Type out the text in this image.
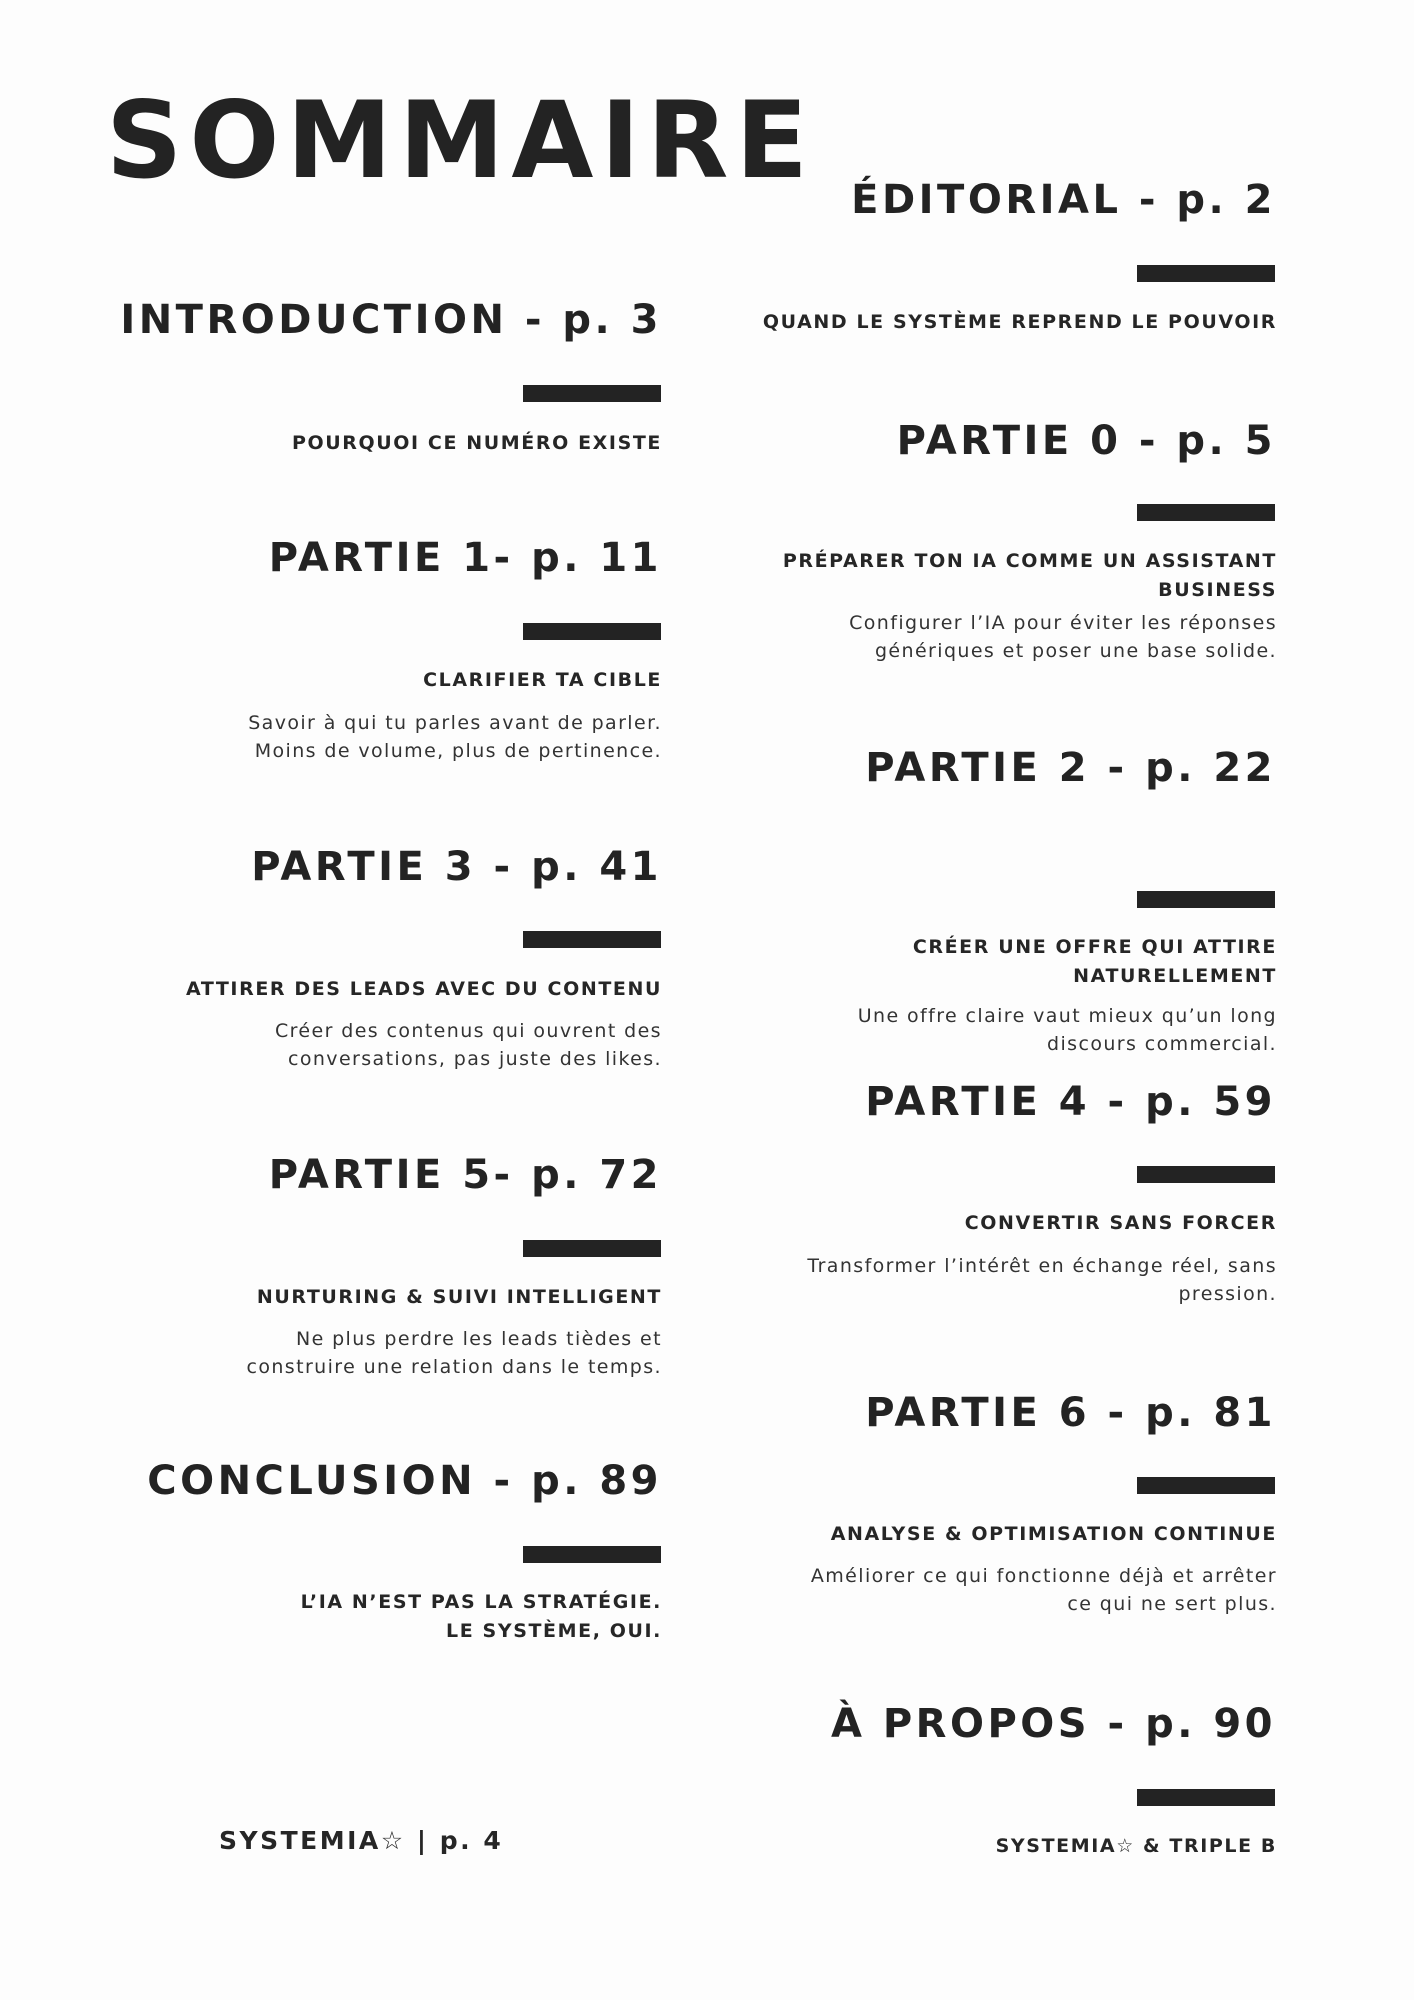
SOMMAIRE
INTRODUCTION - p. 3
POURQUOI CE NUMÉRO EXISTE
PARTIE 1- p. 11
CLARIFIER TA CIBLE
Savoir à qui tu parles avant de parler.
Moins de volume, plus de pertinence.
PARTIE 3 - p. 41
ATTIRER DES LEADS AVEC DU CONTENU
Créer des contenus qui ouvrent des
conversations, pas juste des likes.
PARTIE 5- p. 72
NURTURING & SUIVI INTELLIGENT
Ne plus perdre les leads tièdes et
construire une relation dans le temps.
CONCLUSION - p. 89
L’IA N’EST PAS LA STRATÉGIE.
LE SYSTÈME, OUI.
ÉDITORIAL - p. 2
QUAND LE SYSTÈME REPREND LE POUVOIR
PARTIE 0 - p. 5
PRÉPARER TON IA COMME UN ASSISTANT
BUSINESS
Configurer l’IA pour éviter les réponses
génériques et poser une base solide.
PARTIE 2 - p. 22
CRÉER UNE OFFRE QUI ATTIRE
NATURELLEMENT
Une offre claire vaut mieux qu’un long
discours commercial.
PARTIE 4 - p. 59
CONVERTIR SANS FORCER
Transformer l’intérêt en échange réel, sans
pression.
PARTIE 6 - p. 81
ANALYSE & OPTIMISATION CONTINUE
Améliorer ce qui fonctionne déjà et arrêter
ce qui ne sert plus.
À PROPOS - p. 90
SYSTEMIA☆ & TRIPLE B
SYSTEMIA☆ | p. 4
